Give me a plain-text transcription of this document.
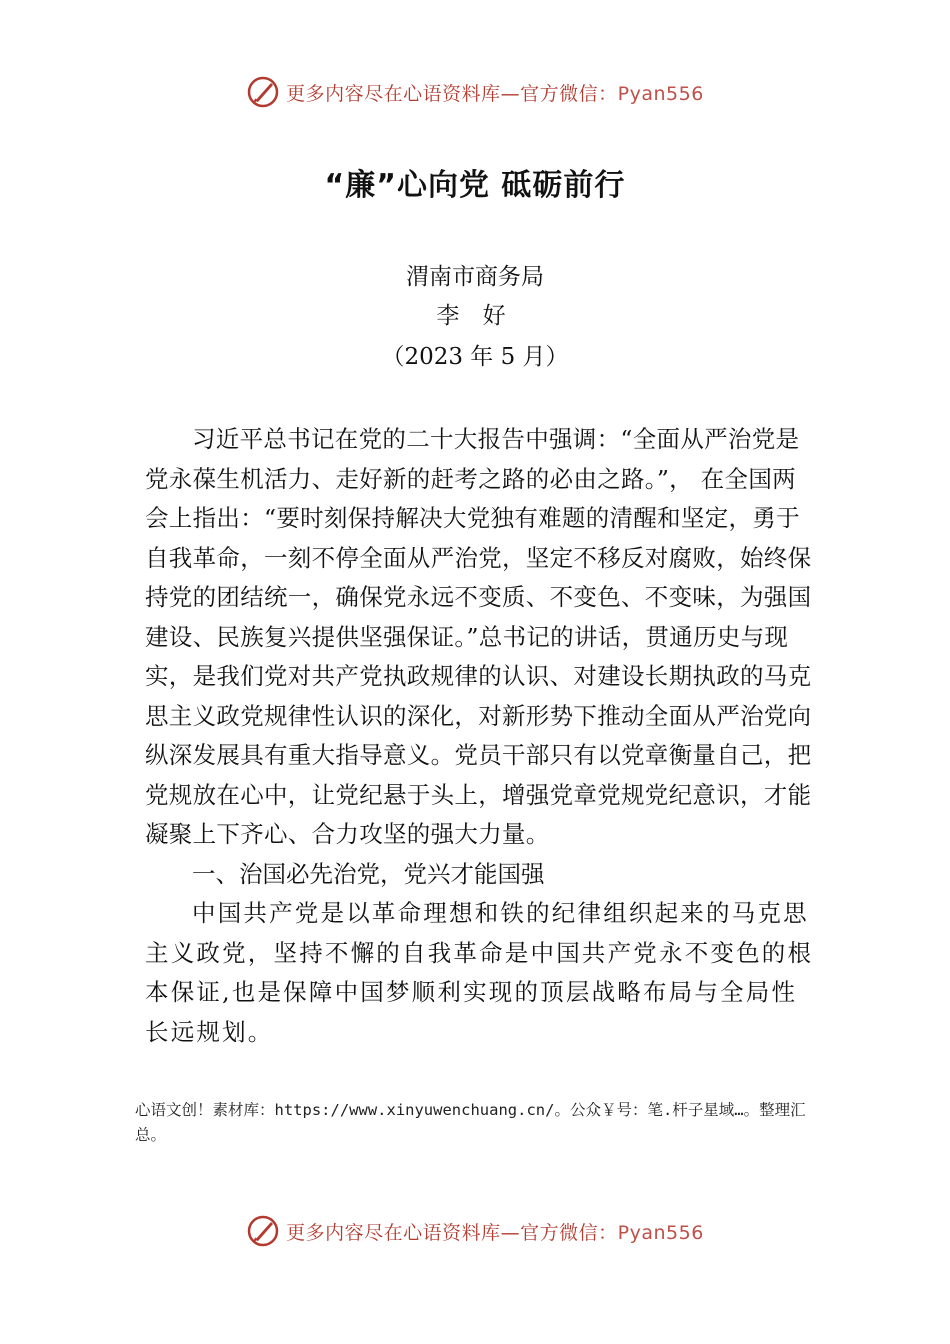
更多内容尽在心语资料库—官方微信：Pyan556
“廉”心向党 砥砺前行
渭南市商务局
李 好
（2023 年 5 月）

习近平总书记在党的二十大报告中强调：“全面从严治党是党永葆生机活力、走好新的赶考之路的必由之路。”， 在全国两会上指出：“要时刻保持解决大党独有难题的清醒和坚定，勇于自我革命，一刻不停全面从严治党，坚定不移反对腐败，始终保持党的团结统一，确保党永远不变质、不变色、不变味，为强国建设、民族复兴提供坚强保证。”总书记的讲话，贯通历史与现实，是我们党对共产党执政规律的认识、对建设长期执政的马克思主义政党规律性认识的深化，对新形势下推动全面从严治党向纵深发展具有重大指导意义。党员干部只有以党章衡量自己，把党规放在心中，让党纪悬于头上，增强党章党规党纪意识，才能凝聚上下齐心、合力攻坚的强大力量。

一、治国必先治党，党兴才能国强

中国共产党是以革命理想和铁的纪律组织起来的马克思主义政党，坚持不懈的自我革命是中国共产党永不变色的根本保证,也是保障中国梦顺利实现的顶层战略布局与全局性长远规划。

心语文创！素材库：https://www.xinyuwenchuang.cn/。公众￥号：笔.杆子星域…。整理汇总。
更多内容尽在心语资料库—官方微信：Pyan556
